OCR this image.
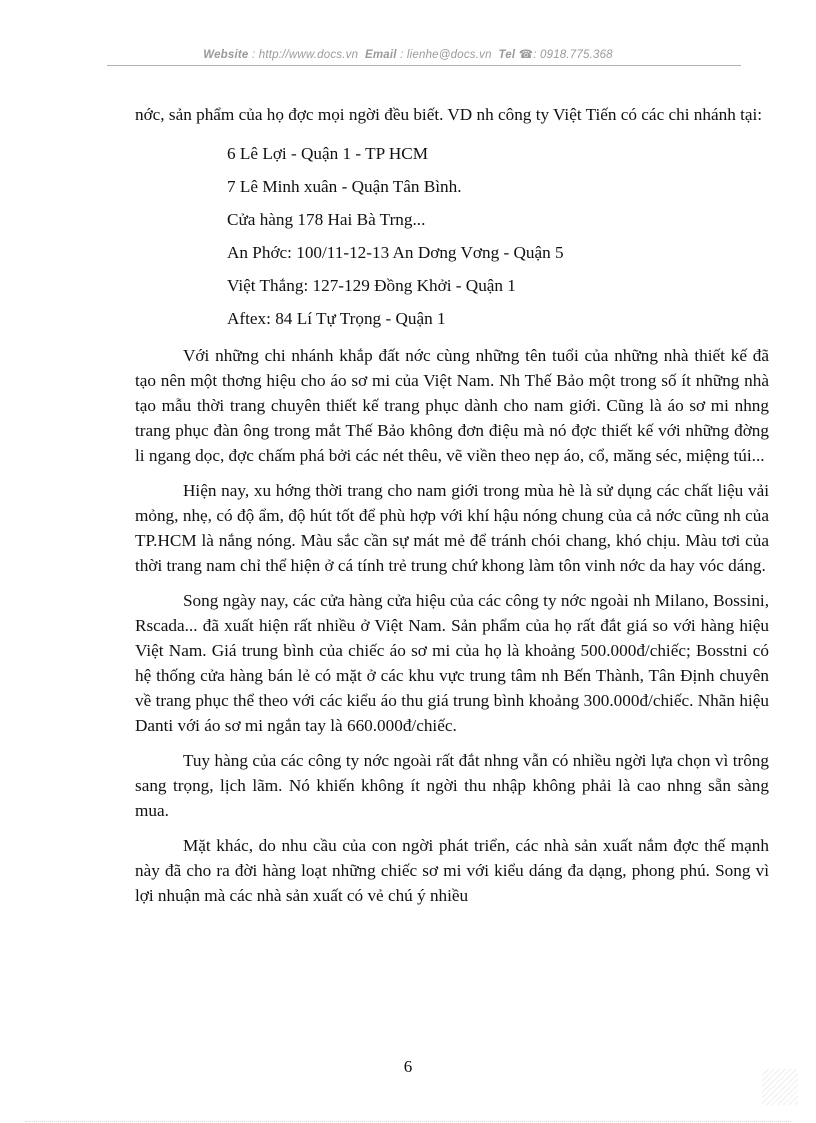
Website : http://www.docs.vn Email : lienhe@docs.vn Tel ☎: 0918.775.368

nớc, sản phẩm của họ đợc mọi ngời đều biết. VD nh công ty Việt Tiến có các chi nhánh tại:

6 Lê Lợi - Quận 1 - TP HCM
7 Lê Minh xuân - Quận Tân Bình.
Cửa hàng 178 Hai Bà Trng...
An Phớc: 100/11-12-13 An Dơng Vơng - Quận 5
Việt Thắng: 127-129 Đồng Khởi - Quận 1
Aftex: 84 Lí Tự Trọng - Quận 1

Với những chi nhánh khắp đất nớc cùng những tên tuổi của những nhà thiết kế đã tạo nên một thơng hiệu cho áo sơ mi của Việt Nam. Nh Thế Bảo một trong số ít những nhà tạo mẫu thời trang chuyên thiết kế trang phục dành cho nam giới. Cũng là áo sơ mi nhng trang phục đàn ông trong mắt Thế Bảo không đơn điệu mà nó đợc thiết kế với những đờng li ngang dọc, đợc chấm phá bởi các nét thêu, vẽ viền theo nẹp áo, cổ, măng séc, miệng túi...

Hiện nay, xu hớng thời trang cho nam giới trong mùa hè là sử dụng các chất liệu vải mỏng, nhẹ, có độ ẩm, độ hút tốt để phù hợp với khí hậu nóng chung của cả nớc cũng nh của TP.HCM là nắng nóng. Màu sắc cần sự mát mẻ để tránh chói chang, khó chịu. Màu tơi của thời trang nam chỉ thể hiện ở cá tính trẻ trung chứ khong làm tôn vinh nớc da hay vóc dáng.

Song ngày nay, các cửa hàng cửa hiệu của các công ty nớc ngoài nh Milano, Bossini, Rscada... đã xuất hiện rất nhiều ở Việt Nam. Sản phẩm của họ rất đắt giá so với hàng hiệu Việt Nam. Giá trung bình của chiếc áo sơ mi của họ là khoảng 500.000đ/chiếc; Bosstni có hệ thống cửa hàng bán lẻ có mặt ở các khu vực trung tâm nh Bến Thành, Tân Định chuyên về trang phục thể theo với các kiểu áo thu giá trung bình khoảng 300.000đ/chiếc. Nhãn hiệu Danti với áo sơ mi ngắn tay là 660.000đ/chiếc.

Tuy hàng của các công ty nớc ngoài rất đắt nhng vẫn có nhiều ngời lựa chọn vì trông sang trọng, lịch lãm. Nó khiến không ít ngời thu nhập không phải là cao nhng sẵn sàng mua.

Mặt khác, do nhu cầu của con ngời phát triển, các nhà sản xuất nắm đợc thế mạnh này đã cho ra đời hàng loạt những chiếc sơ mi với kiểu dáng đa dạng, phong phú. Song vì lợi nhuận mà các nhà sản xuất có vẻ chú ý nhiều

6
